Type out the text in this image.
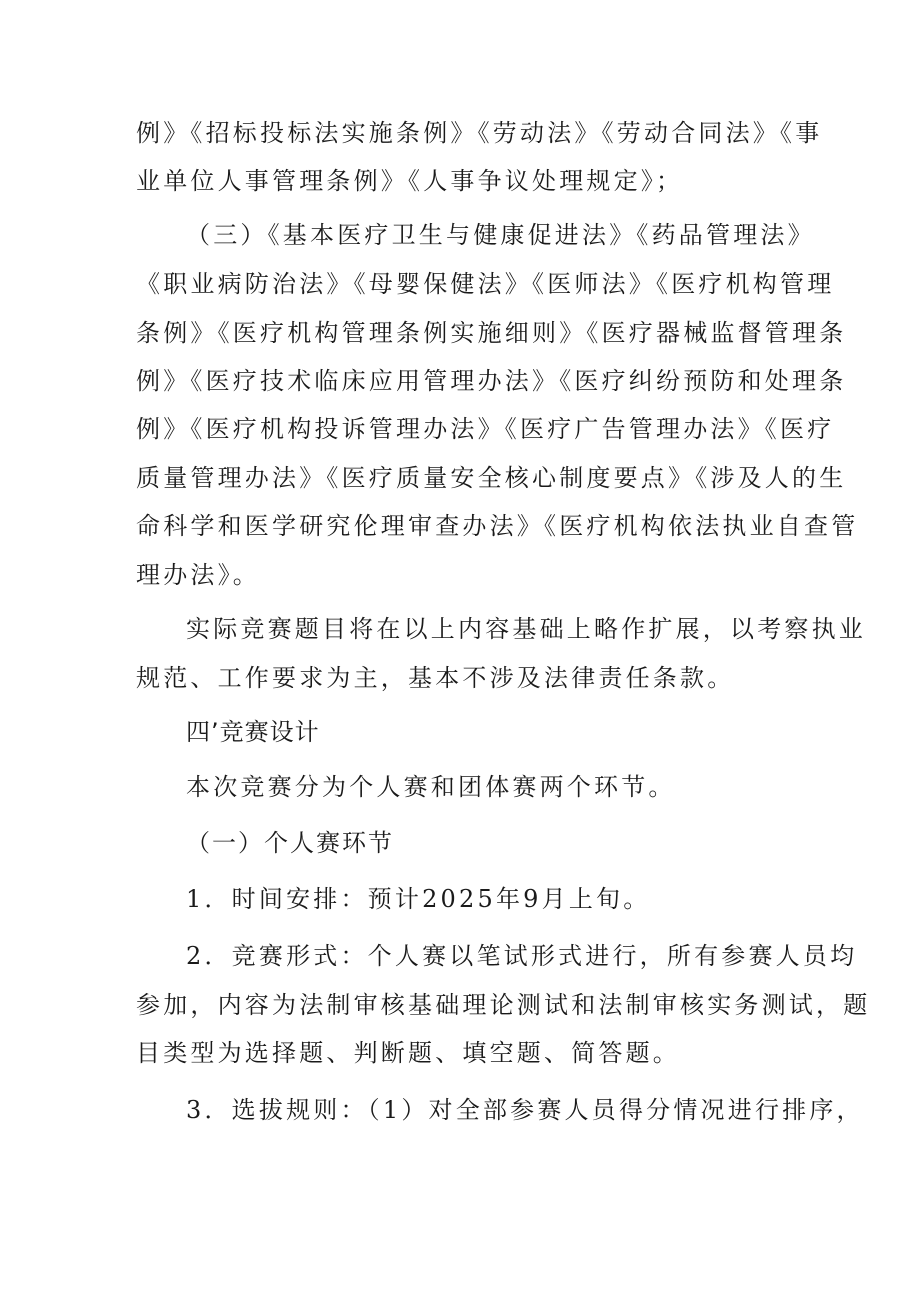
例》《招标投标法实施条例》《劳动法》《劳动合同法》《事
业单位人事管理条例》《人事争议处理规定》；
（三）《基本医疗卫生与健康促进法》《药品管理法》
《职业病防治法》《母婴保健法》《医师法》《医疗机构管理
条例》《医疗机构管理条例实施细则》《医疗器械监督管理条
例》《医疗技术临床应用管理办法》《医疗纠纷预防和处理条
例》《医疗机构投诉管理办法》《医疗广告管理办法》《医疗
质量管理办法》《医疗质量安全核心制度要点》《涉及人的生
命科学和医学研究伦理审查办法》《医疗机构依法执业自查管
理办法》。
实际竞赛题目将在以上内容基础上略作扩展，以考察执业
规范、工作要求为主，基本不涉及法律责任条款。
四’竞赛设计
本次竞赛分为个人赛和团体赛两个环节。
（一）个人赛环节
1．时间安排：预计2025年9月上旬。
2．竞赛形式：个人赛以笔试形式进行，所有参赛人员均
参加，内容为法制审核基础理论测试和法制审核实务测试，题
目类型为选择题、判断题、填空题、简答题。
3．选拔规则：（1）对全部参赛人员得分情况进行排序，
